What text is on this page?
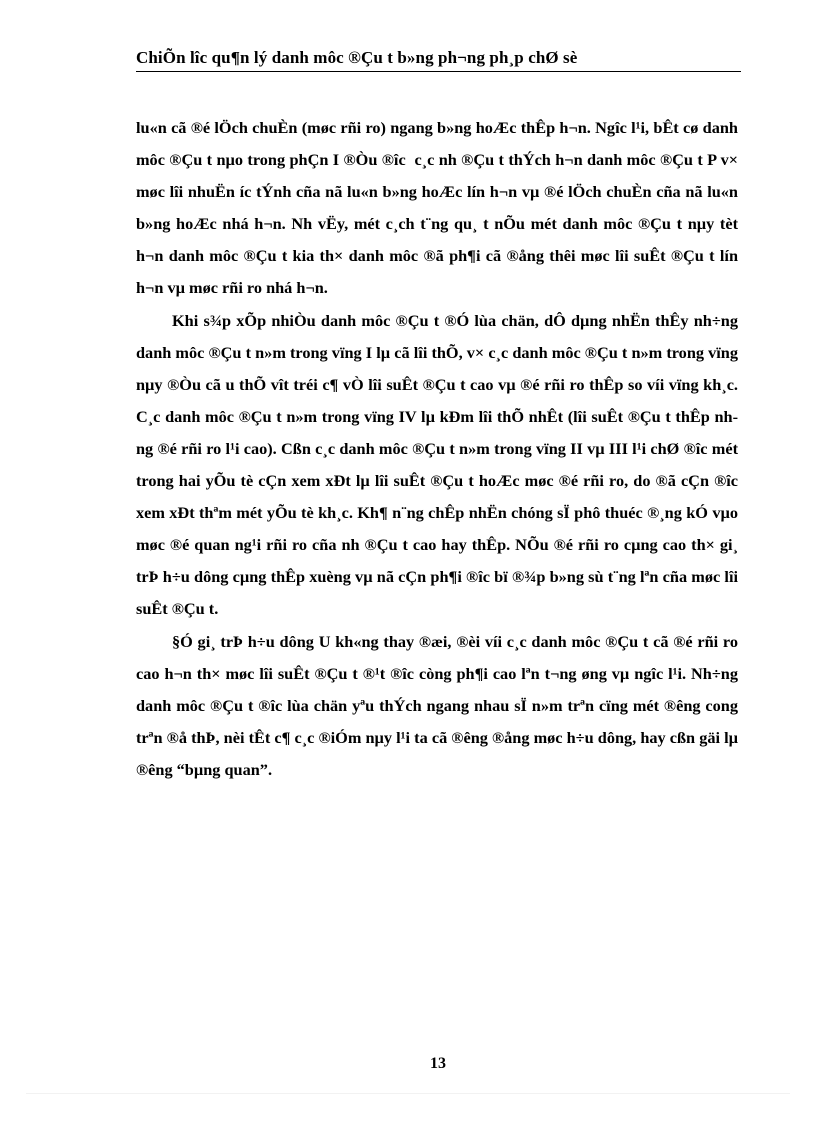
ChiÕn lîc qu¶n lý danh môc ®Çu t b»ng ph¬ng ph¸p chØ sè

lu«n cã ®é lÖch chuÈn (møc rñi ro) ngang b»ng hoÆc thÊp h¬n. Ngîc l¹i, bÊt cø danh môc ®Çu t nµo trong phÇn I ®Òu ®îc c¸c nh ®Çu t thÝch h¬n danh môc ®Çu t P v× møc lîi nhuËn íc tÝnh cña nã lu«n b»ng hoÆc lín h¬n vµ ®é lÖch chuÈn cña nã lu«n b»ng hoÆc nhá h¬n. Nh vËy, mét c¸ch t¨ng qu¸ t nÕu mét danh môc ®Çu t nµy tèt h¬n danh môc ®Çu t kia th× danh môc ®ã ph¶i cã ®ång thêi møc lîi suÊt ®Çu t lín h¬n vµ møc rñi ro nhá h¬n.

Khi s¾p xÕp nhiÒu danh môc ®Çu t ®Ó lùa chän, dÔ dµng nhËn thÊy nh÷ng danh môc ®Çu t n»m trong vïng I lµ cã lîi thÕ, v× c¸c danh môc ®Çu t n»m trong vïng nµy ®Òu cã u thÕ vît tréi c¶ vÒ lîi suÊt ®Çu t cao vµ ®é rñi ro thÊp so víi vïng kh¸c. C¸c danh môc ®Çu t n»m trong vïng IV lµ kÐm lîi thÕ nhÊt (lîi suÊt ®Çu t thÊp nhng ®é rñi ro l¹i cao). Cßn c¸c danh môc ®Çu t n»m trong vïng II vµ III l¹i chØ ®îc mét trong hai yÕu tè cÇn xem xÐt lµ lîi suÊt ®Çu t hoÆc møc ®é rñi ro, do ®ã cÇn ®îc xem xÐt thªm mét yÕu tè kh¸c. Kh¶ n¨ng chÊp nhËn chóng sÏ phô thuéc ®¸ng kÓ vµo møc ®é quan ng¹i rñi ro cña nh ®Çu t cao hay thÊp. NÕu ®é rñi ro cµng cao th× gi¸ trÞ h÷u dông cµng thÊp xuèng vµ nã cÇn ph¶i ®îc bï ®¾p b»ng sù t¨ng lªn cña møc lîi suÊt ®Çu t.

§Ó gi¸ trÞ h÷u dông U kh«ng thay ®æi, ®èi víi c¸c danh môc ®Çu t cã ®é rñi ro cao h¬n th× møc lîi suÊt ®Çu t ®¹t ®îc còng ph¶i cao lªn t¬ng øng vµ ngîc l¹i. Nh÷ng danh môc ®Çu t ®îc lùa chän yªu thÝch ngang nhau sÏ n»m trªn cïng mét ®êng cong trªn ®å thÞ, nèi tÊt c¶ c¸c ®iÓm nµy l¹i ta cã ®êng ®ång møc h÷u dông, hay cßn gäi lµ ®êng “bµng quan”.

13
